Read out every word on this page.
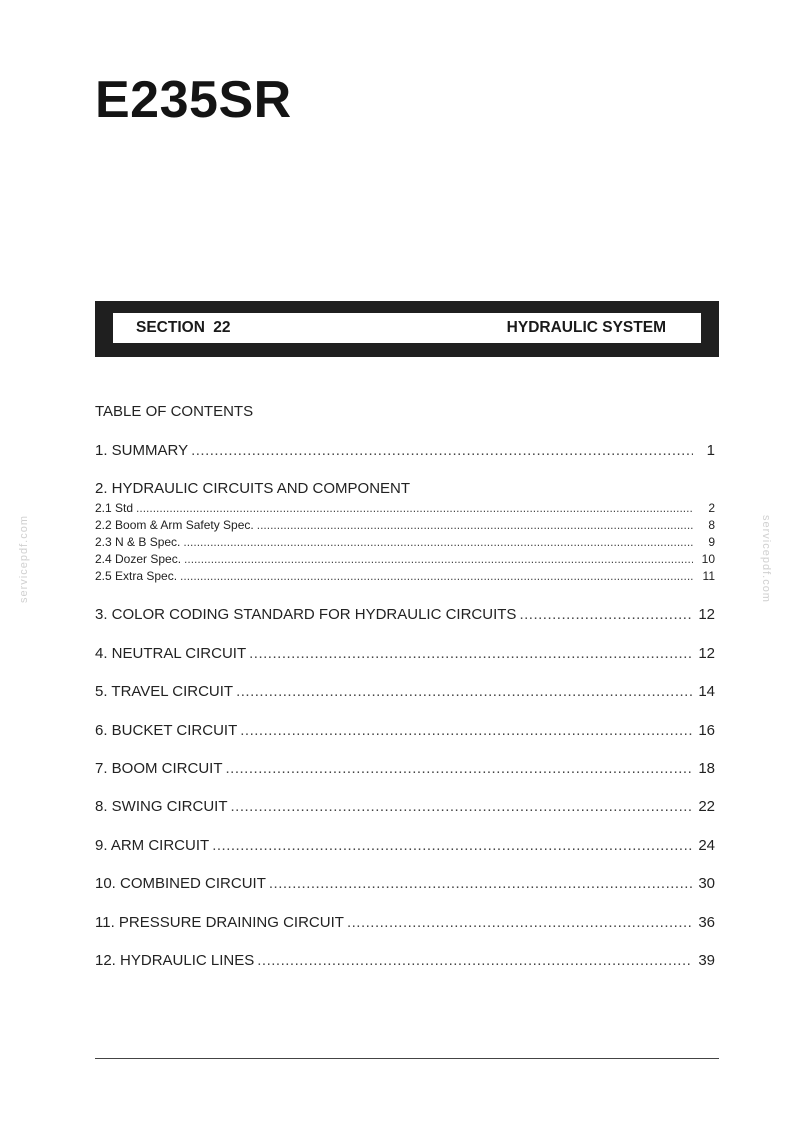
E235SR
SECTION 22	HYDRAULIC SYSTEM
TABLE OF CONTENTS
1. SUMMARY .....	1
2. HYDRAULIC CIRCUITS AND COMPONENT
2.1 Std .....	2
2.2 Boom & Arm Safety Spec. .....	8
2.3 N & B Spec. .....	9
2.4 Dozer Spec. .....	10
2.5 Extra Spec. .....	11
3. COLOR CODING STANDARD FOR HYDRAULIC CIRCUITS .....	12
4. NEUTRAL CIRCUIT .....	12
5. TRAVEL CIRCUIT .....	14
6. BUCKET CIRCUIT .....	16
7. BOOM CIRCUIT .....	18
8. SWING CIRCUIT .....	22
9. ARM CIRCUIT .....	24
10. COMBINED CIRCUIT .....	30
11. PRESSURE DRAINING CIRCUIT .....	36
12. HYDRAULIC LINES .....	39
servicepdf.com	servicepdf.com
